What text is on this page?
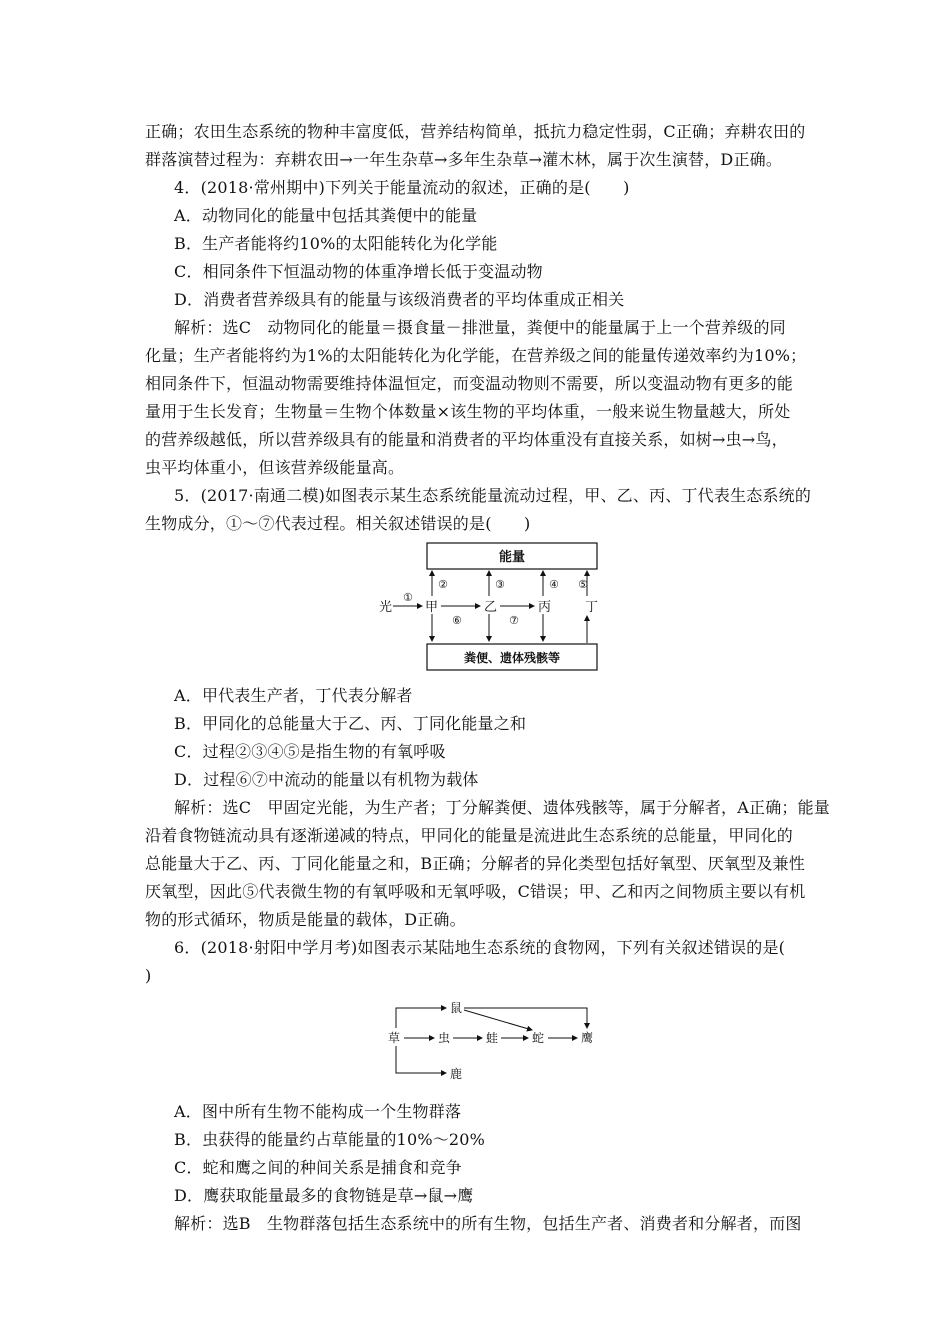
正确；农田生态系统的物种丰富度低，营养结构简单，抵抗力稳定性弱，C正确；弃耕农田的
群落演替过程为：弃耕农田→一年生杂草→多年生杂草→灌木林，属于次生演替，D正确。
4．(2018·常州期中)下列关于能量流动的叙述，正确的是(　　)
A．动物同化的能量中包括其粪便中的能量
B．生产者能将约10%的太阳能转化为化学能
C．相同条件下恒温动物的体重净增长低于变温动物
D．消费者营养级具有的能量与该级消费者的平均体重成正相关
解析：选C　动物同化的能量＝摄食量－排泄量，粪便中的能量属于上一个营养级的同
化量；生产者能将约为1%的太阳能转化为化学能，在营养级之间的能量传递效率约为10%；
相同条件下，恒温动物需要维持体温恒定，而变温动物则不需要，所以变温动物有更多的能
量用于生长发育；生物量＝生物个体数量×该生物的平均体重，一般来说生物量越大，所处
的营养级越低，所以营养级具有的能量和消费者的平均体重没有直接关系，如树→虫→鸟，
虫平均体重小，但该营养级能量高。
5．(2017·南通二模)如图表示某生态系统能量流动过程，甲、乙、丙、丁代表生态系统的
生物成分，①～⑦代表过程。相关叙述错误的是(　　)
能量
粪便、遗体残骸等
光
①
甲	乙	丙	丁
⑥	⑦
②	③	④ ⑤
A．甲代表生产者，丁代表分解者
B．甲同化的总能量大于乙、丙、丁同化能量之和
C．过程②③④⑤是指生物的有氧呼吸
D．过程⑥⑦中流动的能量以有机物为载体
解析：选C　甲固定光能，为生产者；丁分解粪便、遗体残骸等，属于分解者，A正确；能量
沿着食物链流动具有逐渐递减的特点，甲同化的能量是流进此生态系统的总能量，甲同化的
总能量大于乙、丙、丁同化能量之和，B正确；分解者的异化类型包括好氧型、厌氧型及兼性
厌氧型，因此⑤代表微生物的有氧呼吸和无氧呼吸，C错误；甲、乙和丙之间物质主要以有机
物的形式循环，物质是能量的载体，D正确。
6．(2018·射阳中学月考)如图表示某陆地生态系统的食物网，下列有关叙述错误的是(
)
鼠
草	虫	蛙	蛇	鹰
鹿
A．图中所有生物不能构成一个生物群落
B．虫获得的能量约占草能量的10%～20%
C．蛇和鹰之间的种间关系是捕食和竞争
D．鹰获取能量最多的食物链是草→鼠→鹰
解析：选B　生物群落包括生态系统中的所有生物，包括生产者、消费者和分解者，而图
